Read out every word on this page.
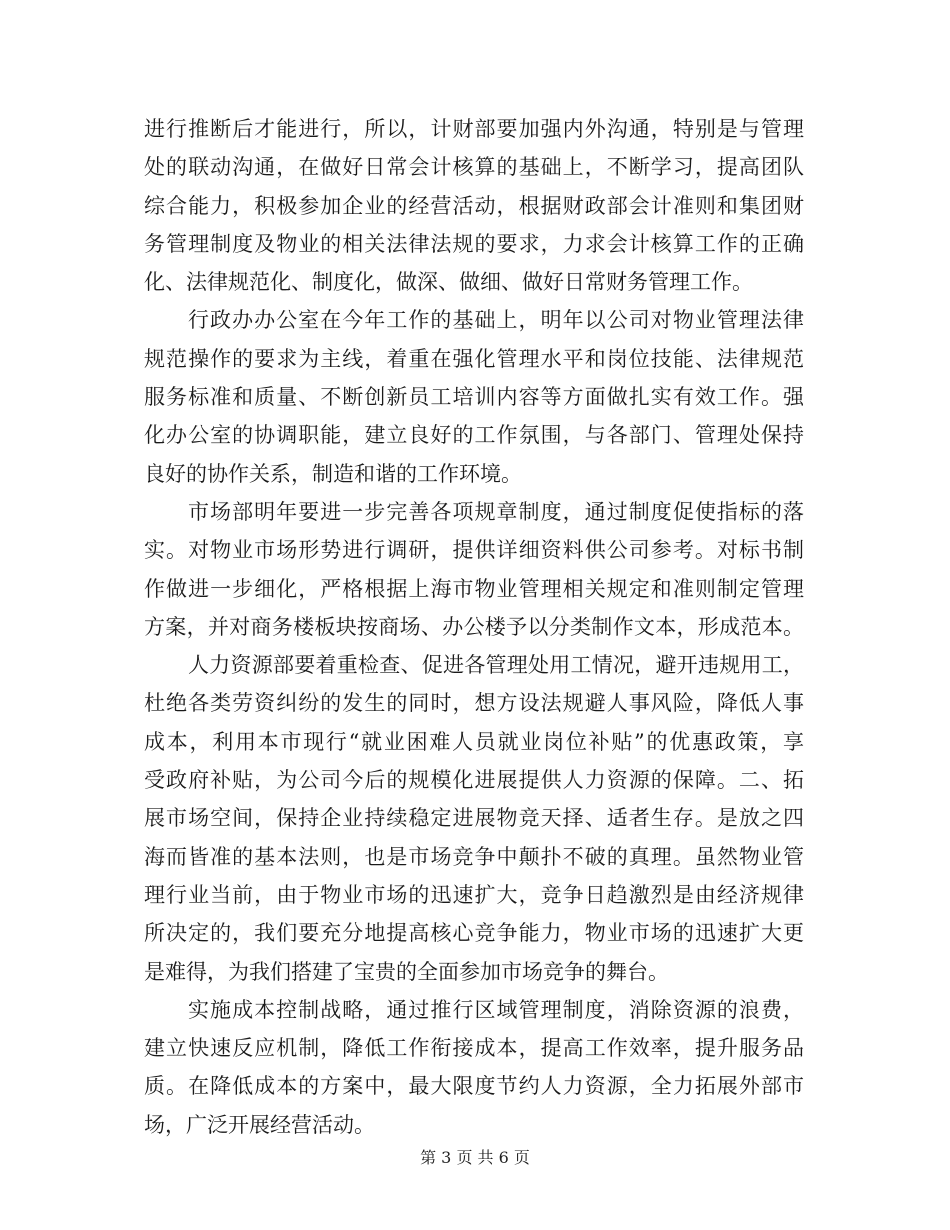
进行推断后才能进行，所以，计财部要加强内外沟通，特别是与管理
处的联动沟通，在做好日常会计核算的基础上，不断学习，提高团队
综合能力，积极参加企业的经营活动，根据财政部会计准则和集团财
务管理制度及物业的相关法律法规的要求，力求会计核算工作的正确
化、法律规范化、制度化，做深、做细、做好日常财务管理工作。
行政办办公室在今年工作的基础上，明年以公司对物业管理法律
规范操作的要求为主线，着重在强化管理水平和岗位技能、法律规范
服务标准和质量、不断创新员工培训内容等方面做扎实有效工作。强
化办公室的协调职能，建立良好的工作氛围，与各部门、管理处保持
良好的协作关系，制造和谐的工作环境。
市场部明年要进一步完善各项规章制度，通过制度促使指标的落
实。对物业市场形势进行调研，提供详细资料供公司参考。对标书制
作做进一步细化，严格根据上海市物业管理相关规定和准则制定管理
方案，并对商务楼板块按商场、办公楼予以分类制作文本，形成范本。
人力资源部要着重检查、促进各管理处用工情况，避开违规用工，
杜绝各类劳资纠纷的发生的同时，想方设法规避人事风险，降低人事
成本，利用本市现行“就业困难人员就业岗位补贴”的优惠政策，享
受政府补贴，为公司今后的规模化进展提供人力资源的保障。二、拓
展市场空间，保持企业持续稳定进展物竞天择、适者生存。是放之四
海而皆准的基本法则，也是市场竞争中颠扑不破的真理。虽然物业管
理行业当前，由于物业市场的迅速扩大，竞争日趋激烈是由经济规律
所决定的，我们要充分地提高核心竞争能力，物业市场的迅速扩大更
是难得，为我们搭建了宝贵的全面参加市场竞争的舞台。
实施成本控制战略，通过推行区域管理制度，消除资源的浪费，
建立快速反应机制，降低工作衔接成本，提高工作效率，提升服务品
质。在降低成本的方案中，最大限度节约人力资源，全力拓展外部市
场，广泛开展经营活动。
第 3 页 共 6 页
